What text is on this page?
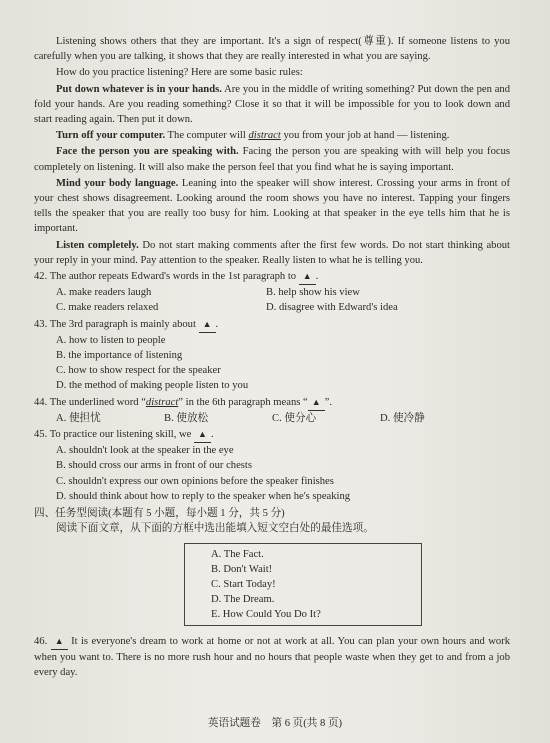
Listening shows others that they are important. It's a sign of respect(尊重). If someone listens to you carefully when you are talking, it shows that they are really interested in what you are saying.

How do you practice listening? Here are some basic rules:

Put down whatever is in your hands. Are you in the middle of writing something? Put down the pen and fold your hands. Are you reading something? Close it so that it will be impossible for you to look down and start reading again. Then put it down.

Turn off your computer. The computer will distract you from your job at hand — listening.

Face the person you are speaking with. Facing the person you are speaking with will help you focus completely on listening. It will also make the person feel that you find what he is saying important.

Mind your body language. Leaning into the speaker will show interest. Crossing your arms in front of your chest shows disagreement. Looking around the room shows you have no interest. Tapping your fingers tells the speaker that you are really too busy for him. Looking at that speaker in the eye tells him that he is important.

Listen completely. Do not start making comments after the first few words. Do not start thinking about your reply in your mind. Pay attention to the speaker. Really listen to what he is telling you.

42. The author repeats Edward's words in the 1st paragraph to ▲ .
A. make readers laugh	B. help show his view
C. make readers relaxed	D. disagree with Edward's idea
43. The 3rd paragraph is mainly about ▲ .
A. how to listen to people
B. the importance of listening
C. how to show respect for the speaker
D. the method of making people listen to you
44. The underlined word “distract” in the 6th paragraph means “ ▲ ”.
A. 使担忧	B. 使放松	C. 使分心	D. 使冷静
45. To practice our listening skill, we ▲ .
A. shouldn't look at the speaker in the eye
B. should cross our arms in front of our chests
C. shouldn't express our own opinions before the speaker finishes
D. should think about how to reply to the speaker when he's speaking
四、任务型阅读(本题有 5 小题，每小题 1 分，共 5 分)
阅读下面文章，从下面的方框中选出能填入短文空白处的最佳选项。
A. The Fact.
B. Don't Wait!
C. Start Today!
D. The Dream.
E. How Could You Do It?

46. ▲ It is everyone's dream to work at home or not at work at all. You can plan your own hours and work when you want to. There is no more rush hour and no hours that people waste when they get to and from a job every day.

英语试题卷　第 6 页(共 8 页)
